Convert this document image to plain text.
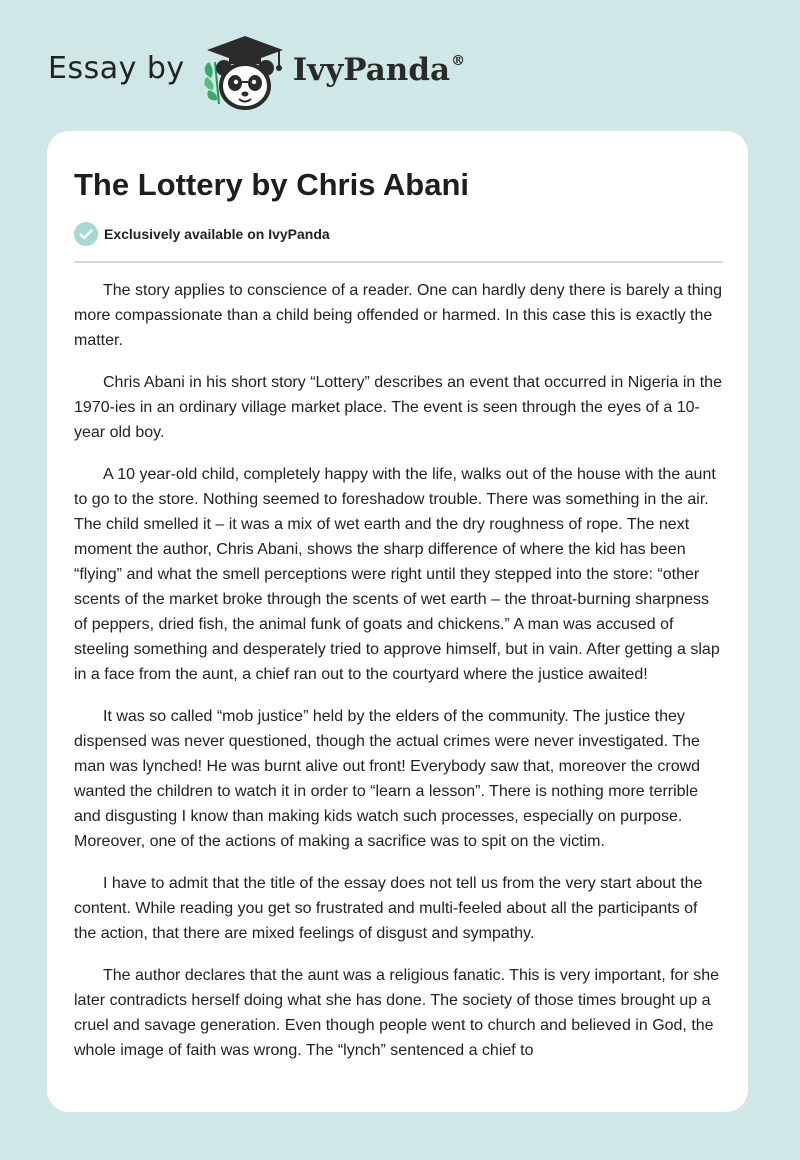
Essay by	IvyPanda®
The Lottery by Chris Abani
Exclusively available on IvyPanda

The story applies to conscience of a reader. One can hardly deny there is barely a thing more compassionate than a child being offended or harmed. In this case this is exactly the matter.

Chris Abani in his short story “Lottery” describes an event that occurred in Nigeria in the 1970-ies in an ordinary village market place. The event is seen through the eyes of a 10-year old boy.

A 10 year-old child, completely happy with the life, walks out of the house with the aunt to go to the store. Nothing seemed to foreshadow trouble. There was something in the air. The child smelled it – it was a mix of wet earth and the dry roughness of rope. The next moment the author, Chris Abani, shows the sharp difference of where the kid has been “flying” and what the smell perceptions were right until they stepped into the store: “other scents of the market broke through the scents of wet earth – the throat-burning sharpness of peppers, dried fish, the animal funk of goats and chickens.” A man was accused of steeling something and desperately tried to approve himself, but in vain. After getting a slap in a face from the aunt, a chief ran out to the courtyard where the justice awaited!

It was so called “mob justice” held by the elders of the community. The justice they dispensed was never questioned, though the actual crimes were never investigated. The man was lynched! He was burnt alive out front! Everybody saw that, moreover the crowd wanted the children to watch it in order to “learn a lesson”. There is nothing more terrible and disgusting I know than making kids watch such processes, especially on purpose. Moreover, one of the actions of making a sacrifice was to spit on the victim.

I have to admit that the title of the essay does not tell us from the very start about the content. While reading you get so frustrated and multi-feeled about all the participants of the action, that there are mixed feelings of disgust and sympathy.

The author declares that the aunt was a religious fanatic. This is very important, for she later contradicts herself doing what she has done. The society of those times brought up a cruel and savage generation. Even though people went to church and believed in God, the whole image of faith was wrong. The “lynch” sentenced a chief to
